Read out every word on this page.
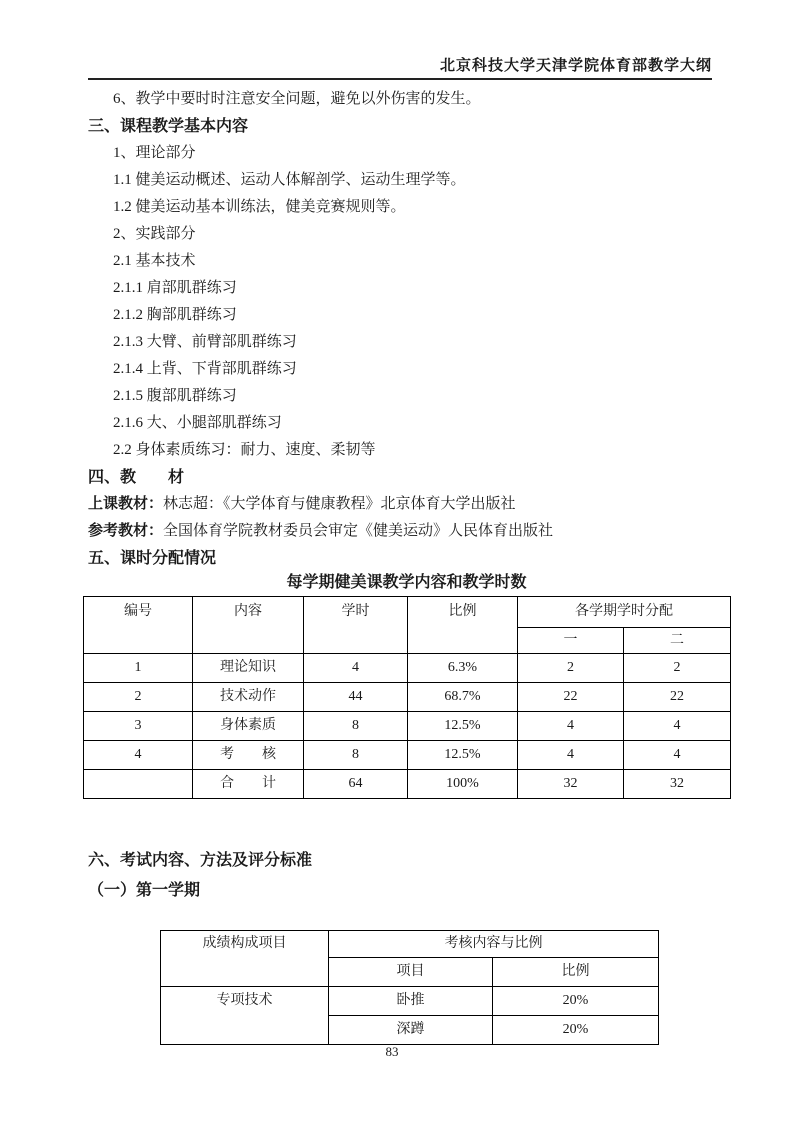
北京科技大学天津学院体育部教学大纲
6、教学中要时时注意安全问题，避免以外伤害的发生。
三、课程教学基本内容
1、理论部分
1.1 健美运动概述、运动人体解剖学、运动生理学等。
1.2 健美运动基本训练法，健美竞赛规则等。
2、实践部分
2.1 基本技术
2.1.1 肩部肌群练习
2.1.2 胸部肌群练习
2.1.3 大臂、前臂部肌群练习
2.1.4 上背、下背部肌群练习
2.1.5 腹部肌群练习
2.1.6 大、小腿部肌群练习
2.2 身体素质练习：耐力、速度、柔韧等
四、教　　材
上课教材：林志超：《大学体育与健康教程》北京体育大学出版社
参考教材：全国体育学院教材委员会审定《健美运动》人民体育出版社
五、课时分配情况
每学期健美课教学内容和教学时数
编号	内容	学时	比例	各学期学时分配	
				一	二
1	理论知识	4	6.3%	2	2
2	技术动作	44	68.7%	22	22
3	身体素质	8	12.5%	4	4
4	考　　核	8	12.5%	4	4
	合　　计	64	100%	32	32
六、考试内容、方法及评分标准
（一）第一学期
成绩构成项目	考核内容与比例	
	项目	比例
专项技术	卧推	20%
	深蹲	20%
83
